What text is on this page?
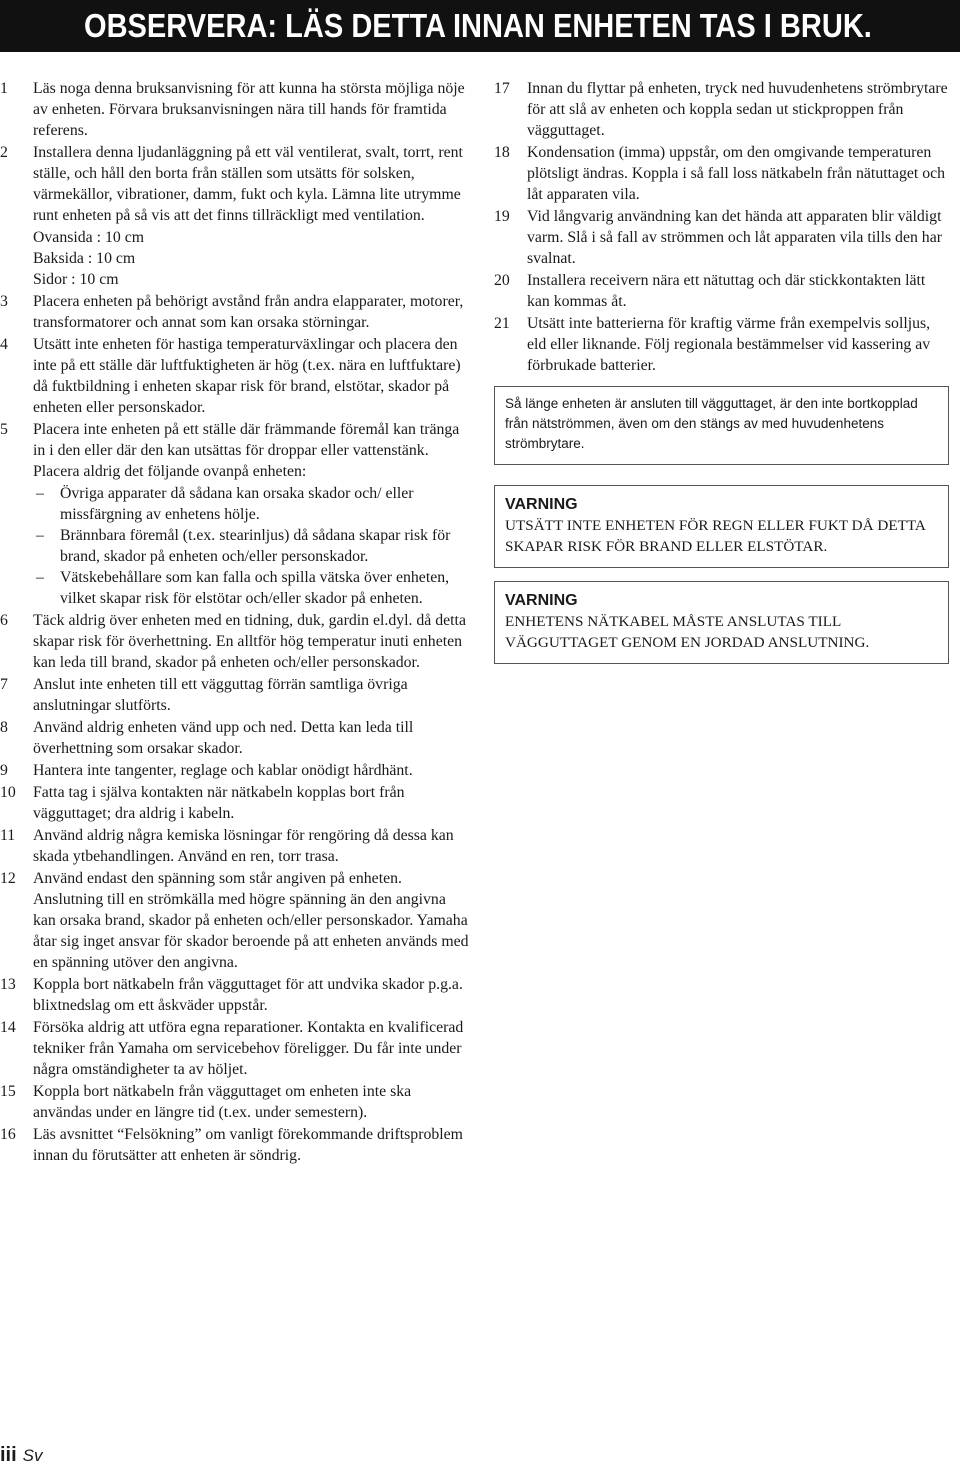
OBSERVERA: LÄS DETTA INNAN ENHETEN TAS I BRUK.
1	Läs noga denna bruksanvisning för att kunna ha största möjliga nöje av enheten. Förvara bruksanvisningen nära till hands för framtida referens.

2	Installera denna ljudanläggning på ett väl ventilerat, svalt, torrt, rent ställe, och håll den borta från ställen som utsätts för solsken, värmekällor, vibrationer, damm, fukt och kyla. Lämna lite utrymme runt enheten på så vis att det finns tillräckligt med ventilation.

Ovansida : 10 cm
Baksida : 10 cm
Sidor : 10 cm
3	Placera enheten på behörigt avstånd från andra elapparater, motorer, transformatorer och annat som kan orsaka störningar.

4	Utsätt inte enheten för hastiga temperaturväxlingar och placera den inte på ett ställe där luftfuktigheten är hög (t.ex. nära en luftfuktare) då fuktbildning i enheten skapar risk för brand, elstötar, skador på enheten eller personskador.

5	Placera inte enheten på ett ställe där främmande föremål kan tränga in i den eller där den kan utsättas för droppar eller vattenstänk. Placera aldrig det följande ovanpå enheten:

– Övriga apparater då sådana kan orsaka skador och/ eller missfärgning av enhetens hölje.

– Brännbara föremål (t.ex. stearinljus) då sådana skapar risk för brand, skador på enheten och/eller personskador.

– Vätskebehållare som kan falla och spilla vätska över enheten, vilket skapar risk för elstötar och/eller skador på enheten.

6	Täck aldrig över enheten med en tidning, duk, gardin el.dyl. då detta skapar risk för överhettning. En alltför hög temperatur inuti enheten kan leda till brand, skador på enheten och/eller personskador.

7	Anslut inte enheten till ett vägguttag förrän samtliga övriga anslutningar slutförts.

8	Använd aldrig enheten vänd upp och ned. Detta kan leda till överhettning som orsakar skador.

9	Hantera inte tangenter, reglage och kablar onödigt hårdhänt.

10	Fatta tag i själva kontakten när nätkabeln kopplas bort från vägguttaget; dra aldrig i kabeln.

11	Använd aldrig några kemiska lösningar för rengöring då dessa kan skada ytbehandlingen. Använd en ren, torr trasa.

12	Använd endast den spänning som står angiven på enheten. Anslutning till en strömkälla med högre spänning än den angivna kan orsaka brand, skador på enheten och/eller personskador. Yamaha åtar sig inget ansvar för skador beroende på att enheten används med en spänning utöver den angivna.

13	Koppla bort nätkabeln från vägguttaget för att undvika skador p.g.a. blixtnedslag om ett åskväder uppstår.

14	Försöka aldrig att utföra egna reparationer. Kontakta en kvalificerad tekniker från Yamaha om servicebehov föreligger. Du får inte under några omständigheter ta av höljet.

15	Koppla bort nätkabeln från vägguttaget om enheten inte ska användas under en längre tid (t.ex. under semestern).

16	Läs avsnittet “Felsökning” om vanligt förekommande driftsproblem innan du förutsätter att enheten är söndrig.

17	Innan du flyttar på enheten, tryck ned huvudenhetens strömbrytare för att slå av enheten och koppla sedan ut stickproppen från vägguttaget.

18	Kondensation (imma) uppstår, om den omgivande temperaturen plötsligt ändras. Koppla i så fall loss nätkabeln från nätuttaget och låt apparaten vila.

19	Vid långvarig användning kan det hända att apparaten blir väldigt varm. Slå i så fall av strömmen och låt apparaten vila tills den har svalnat.

20	Installera receivern nära ett nätuttag och där stickkontakten lätt kan kommas åt.

21	Utsätt inte batterierna för kraftig värme från exempelvis solljus, eld eller liknande. Följ regionala bestämmelser vid kassering av förbrukade batterier.

Så länge enheten är ansluten till vägguttaget, är den inte bortkopplad från nätströmmen, även om den stängs av med huvudenhetens strömbrytare.

VARNING
UTSÄTT INTE ENHETEN FÖR REGN ELLER FUKT DÅ DETTA SKAPAR RISK FÖR BRAND ELLER ELSTÖTAR.
VARNING
ENHETENS NÄTKABEL MÅSTE ANSLUTAS TILL VÄGGUTTAGET GENOM EN JORDAD ANSLUTNING.
iii Sv
